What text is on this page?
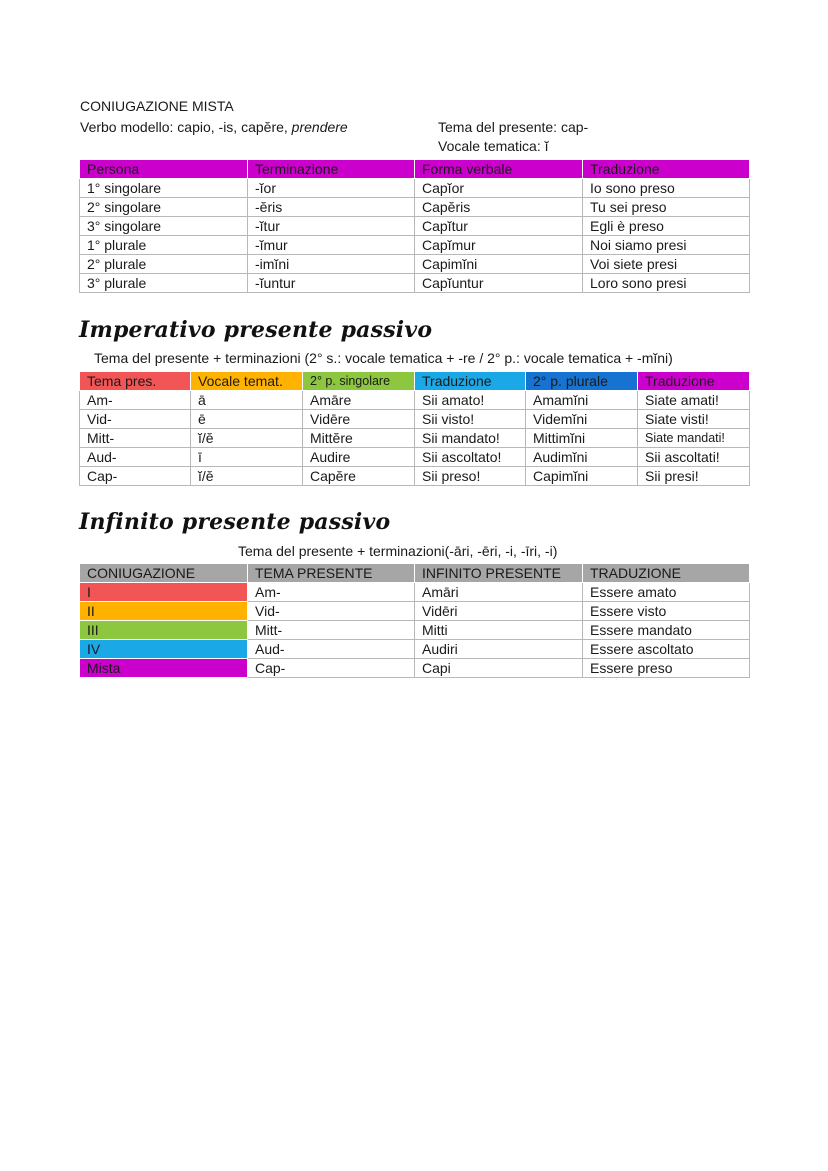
CONIUGAZIONE MISTA
Verbo modello: capio, -is, capĕre, prendere	Tema del presente: cap-
Vocale tematica: ĭ
Persona	Terminazione	Forma verbale	Traduzione
1° singolare	-ĭor	Capĭor	Io sono preso
2° singolare	-ĕris	Capĕris	Tu sei preso
3° singolare	-ĭtur	Capĭtur	Egli è preso
1° plurale	-ĭmur	Capĭmur	Noi siamo presi
2° plurale	-imĭni	Capimĭni	Voi siete presi
3° plurale	-ĭuntur	Capĭuntur	Loro sono presi
Imperativo presente passivo
Tema del presente + terminazioni (2° s.: vocale tematica + -re / 2° p.: vocale tematica + -mĭni)
Tema pres.	Vocale temat.	2° p. singolare	Traduzione	2° p. plurale	Traduzione
Am-	ā	Amāre	Sii amato!	Amamĭni	Siate amati!
Vid-	ē	Vidēre	Sii visto!	Videmĭni	Siate visti!
Mitt-	ĭ/ĕ	Mittĕre	Sii mandato!	Mittimĭni	Siate mandati!
Aud-	ī	Audire	Sii ascoltato!	Audimĭni	Sii ascoltati!
Cap-	ĭ/ĕ	Capĕre	Sii preso!	Capimĭni	Sii presi!
Infinito presente passivo
Tema del presente + terminazioni(-āri, -ēri, -i, -īri, -i)
CONIUGAZIONE	TEMA PRESENTE	INFINITO PRESENTE	TRADUZIONE
I	Am-	Amāri	Essere amato
II	Vid-	Vidēri	Essere visto
III	Mitt-	Mitti	Essere mandato
IV	Aud-	Audiri	Essere ascoltato
Mista	Cap-	Capi	Essere preso
